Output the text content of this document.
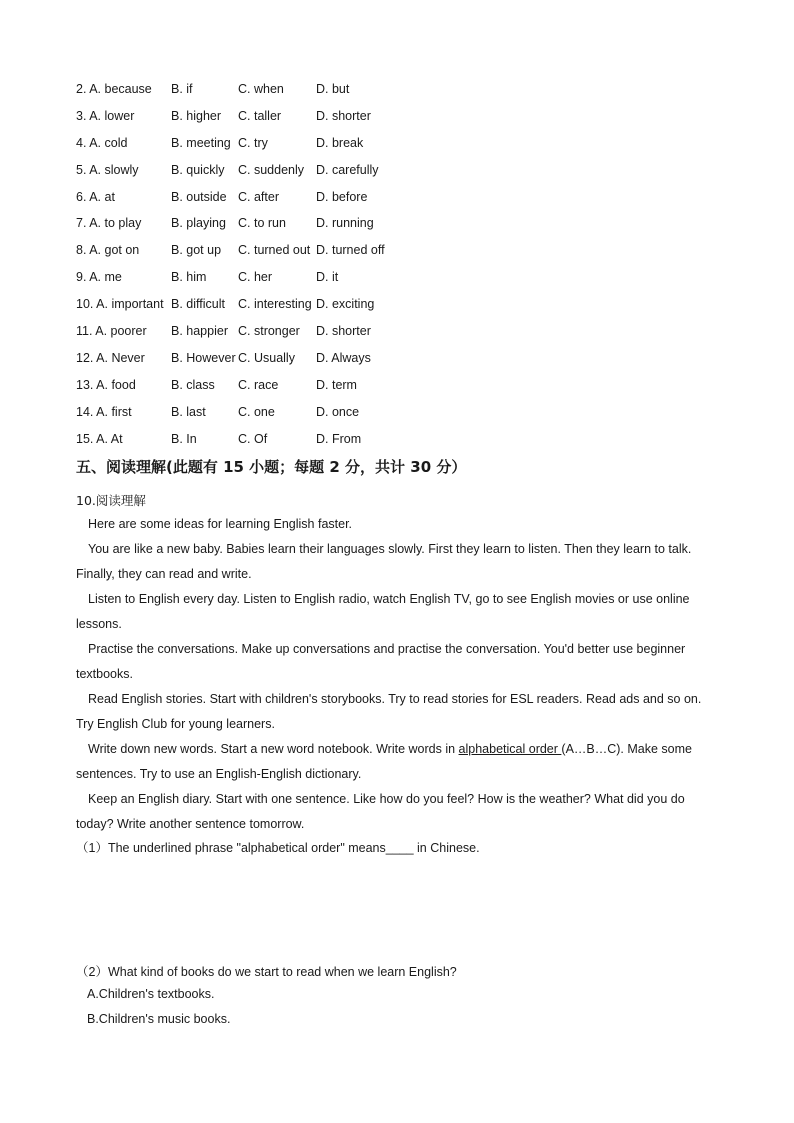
2. A. because B. if	C. when	D. but
3. A. lower	B. higher C. taller	D. shorter
4. A. cold	B. meeting C. try	D. break
5. A. slowly	B. quickly C. suddenly D. carefully
6. A. at	B. outside C. after	D. before
7. A. to play B. playing C. to run D. running
8. A. got on	B. got up C. turned out D. turned off
9. A. me	B. him	C. her	D. it
10. A. important B. difficult C. interesting D. exciting
11. A. poorer B. happier C. stronger D. shorter
12. A. Never B. However C. Usually D. Always
13. A. food	B. class C. race	D. term
14. A. first	B. last	C. one	D. once
15. A. At	B. In	C. Of	D. From
五、阅读理解(此题有 15 小题；每题 2 分，共计 30 分）
10.阅读理解

Here are some ideas for learning English faster.

You are like a new baby. Babies learn their languages slowly. First they learn to listen. Then they learn to talk. Finally, they can read and write.

Listen to English every day. Listen to English radio, watch English TV, go to see English movies or use online lessons.

Practise the conversations. Make up conversations and practise the conversation. You'd better use beginner textbooks.

Read English stories. Start with children's storybooks. Try to read stories for ESL readers. Read ads and so on. Try English Club for young learners.

Write down new words. Start a new word notebook. Write words in alphabetical order (A…B…C). Make some sentences. Try to use an English-English dictionary.

Keep an English diary. Start with one sentence. Like how do you feel? How is the weather? What did you do today? Write another sentence tomorrow.

（1）The underlined phrase "alphabetical order" means____ in Chinese.
（2）What kind of books do we start to read when we learn English?
A.Children's textbooks.
B.Children's music books.
